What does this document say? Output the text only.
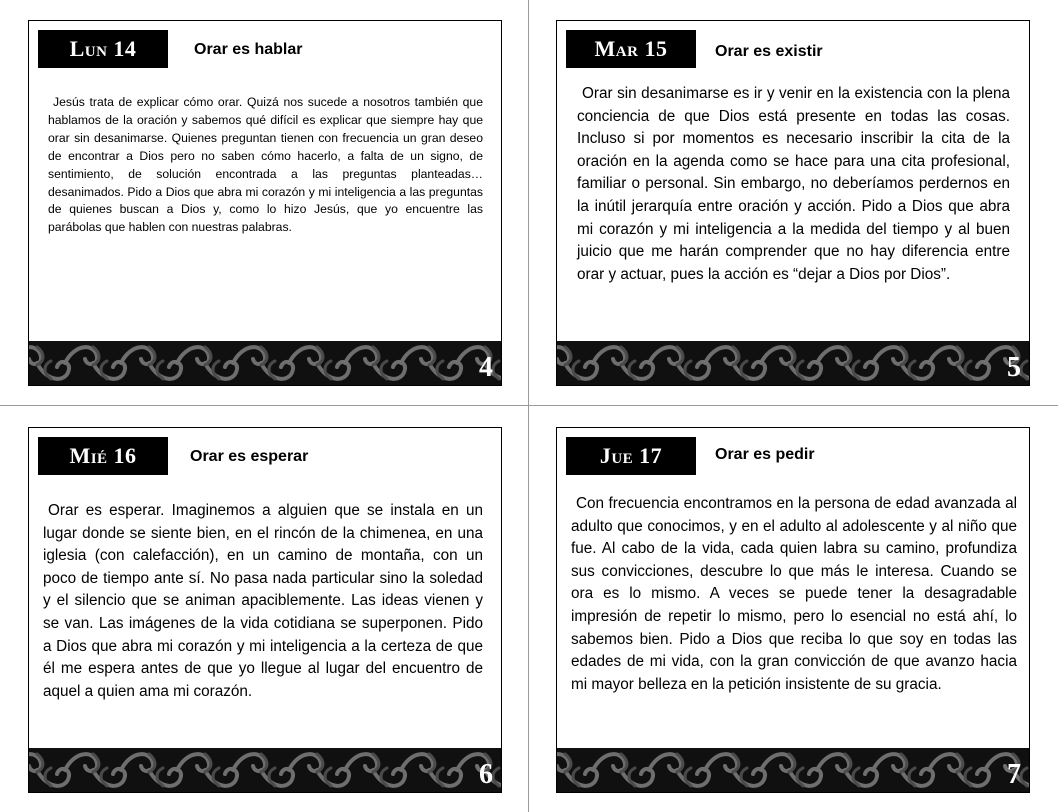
Lun 14	Orar es hablar
Jesús trata de explicar cómo orar. Quizá nos sucede a nosotros también que hablamos de la oración y sabemos qué difícil es explicar que siempre hay que orar sin desanimarse. Quienes preguntan tienen con frecuencia un gran deseo de encontrar a Dios pero no saben cómo hacerlo, a falta de un signo, de sentimiento, de solución encontrada a las preguntas planteadas… desanimados. Pido a Dios que abra mi corazón y mi inteligencia a las preguntas de quienes buscan a Dios y, como lo hizo Jesús, que yo encuentre las parábolas que hablen con nuestras palabras.
4
Mar 15	Orar es existir
Orar sin desanimarse es ir y venir en la existencia con la plena conciencia de que Dios está presente en todas las cosas. Incluso si por momentos es necesario inscribir la cita de la oración en la agenda como se hace para una cita profesional, familiar o personal. Sin embargo, no deberíamos perdernos en la inútil jerarquía entre oración y acción. Pido a Dios que abra mi corazón y mi inteligencia a la medida del tiempo y al buen juicio que me harán comprender que no hay diferencia entre orar y actuar, pues la acción es “dejar a Dios por Dios”.
5
Mié 16	Orar es esperar
Orar es esperar. Imaginemos a alguien que se instala en un lugar donde se siente bien, en el rincón de la chimenea, en una iglesia (con calefacción), en un camino de montaña, con un poco de tiempo ante sí. No pasa nada particular sino la soledad y el silencio que se animan apaciblemente. Las ideas vienen y se van. Las imágenes de la vida cotidiana se superponen. Pido a Dios que abra mi corazón y mi inteligencia a la certeza de que él me espera antes de que yo llegue al lugar del encuentro de aquel a quien ama mi corazón.
6
Jue 17	Orar es pedir
Con frecuencia encontramos en la persona de edad avanzada al adulto que conocimos, y en el adulto al adolescente y al niño que fue. Al cabo de la vida, cada quien labra su camino, profundiza sus convicciones, descubre lo que más le interesa. Cuando se ora es lo mismo. A veces se puede tener la desagradable impresión de repetir lo mismo, pero lo esencial no está ahí, lo sabemos bien. Pido a Dios que reciba lo que soy en todas las edades de mi vida, con la gran convicción de que avanzo hacia mi mayor belleza en la petición insistente de su gracia.
7
